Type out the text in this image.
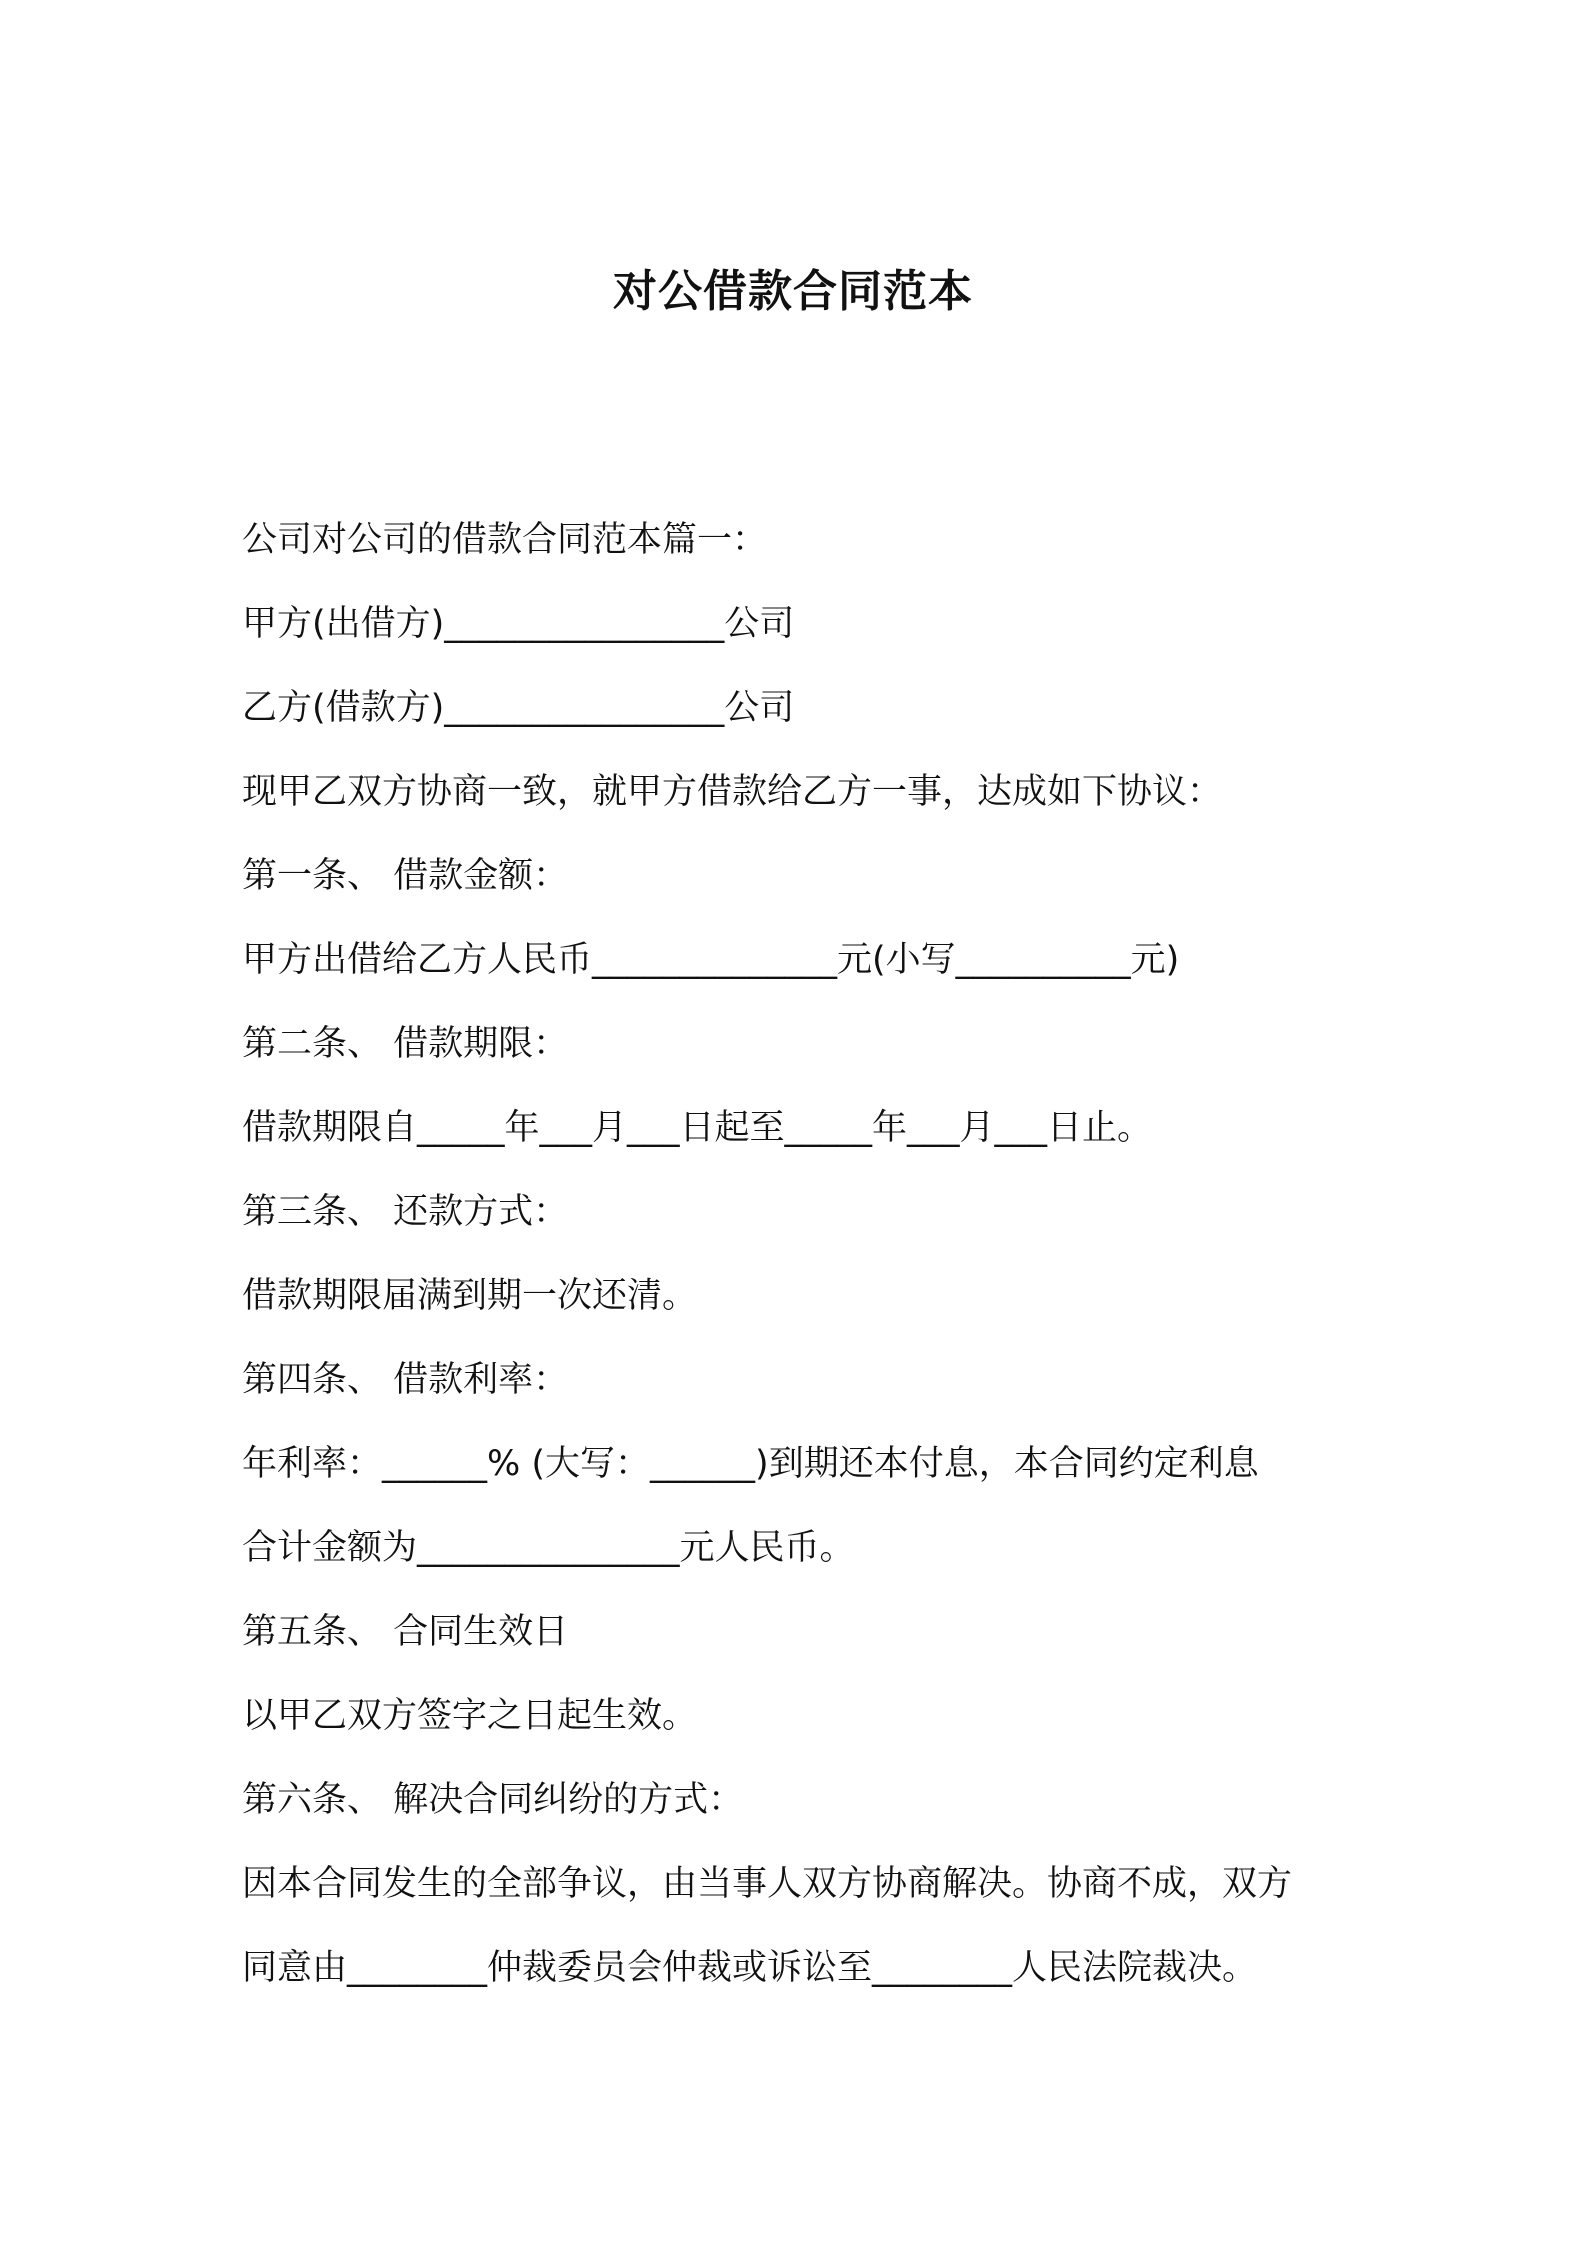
对公借款合同范本
公司对公司的借款合同范本篇一：
甲方(出借方)________________公司
乙方(借款方)________________公司
现甲乙双方协商一致，就甲方借款给乙方一事，达成如下协议：
第一条、 借款金额：
甲方出借给乙方人民币______________元(小写__________元)
第二条、 借款期限：
借款期限自_____年___月___日起至_____年___月___日止。
第三条、 还款方式：
借款期限届满到期一次还清。
第四条、 借款利率：
年利率：______% (大写：______)到期还本付息，本合同约定利息
合计金额为_______________元人民币。
第五条、 合同生效日
以甲乙双方签字之日起生效。
第六条、 解决合同纠纷的方式：
因本合同发生的全部争议，由当事人双方协商解决。协商不成，双方
同意由________仲裁委员会仲裁或诉讼至________人民法院裁决。
